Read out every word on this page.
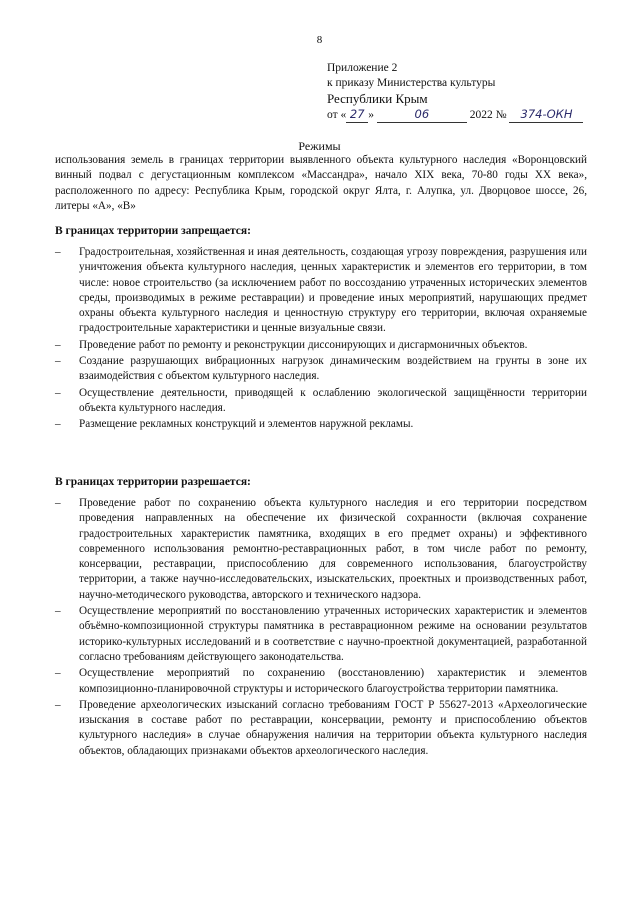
8
Приложение 2
к приказу Министерства культуры
Республики Крым
от « 27 »	06	2022 № 374-ОКН
Режимы
использования земель в границах территории выявленного объекта культурного наследия «Воронцовский винный подвал с дегустационным комплексом «Массандра», начало XIX века, 70-80 годы XX века», расположенного по адресу: Республика Крым, городской округ Ялта, г. Алупка, ул. Дворцовое шоссе, 26, литеры «А», «В»
В границах территории запрещается:
– Градостроительная, хозяйственная и иная деятельность, создающая угрозу повреждения, разрушения или уничтожения объекта культурного наследия, ценных характеристик и элементов его территории, в том числе: новое строительство (за исключением работ по воссозданию утраченных исторических элементов среды, производимых в режиме реставрации) и проведение иных мероприятий, нарушающих предмет охраны объекта культурного наследия и ценностную структуру его территории, включая охраняемые градостроительные характеристики и ценные визуальные связи.
– Проведение работ по ремонту и реконструкции диссонирующих и дисгармоничных объектов.
– Создание разрушающих вибрационных нагрузок динамическим воздействием на грунты в зоне их взаимодействия с объектом культурного наследия.
– Осуществление деятельности, приводящей к ослаблению экологической защищённости территории объекта культурного наследия.
– Размещение рекламных конструкций и элементов наружной рекламы.
В границах территории разрешается:
– Проведение работ по сохранению объекта культурного наследия и его территории посредством проведения направленных на обеспечение их физической сохранности (включая сохранение градостроительных характеристик памятника, входящих в его предмет охраны) и эффективного современного использования ремонтно-реставрационных работ, в том числе работ по ремонту, консервации, реставрации, приспособлению для современного использования, благоустройству территории, а также научно-исследовательских, изыскательских, проектных и производственных работ, научно-методического руководства, авторского и технического надзора.
– Осуществление мероприятий по восстановлению утраченных исторических характеристик и элементов объёмно-композиционной структуры памятника в реставрационном режиме на основании результатов историко-культурных исследований и в соответствие с научно-проектной документацией, разработанной согласно требованиям действующего законодательства.
– Осуществление мероприятий по сохранению (восстановлению) характеристик и элементов композиционно-планировочной структуры и исторического благоустройства территории памятника.
– Проведение археологических изысканий согласно требованиям ГОСТ Р 55627-2013 «Археологические изыскания в составе работ по реставрации, консервации, ремонту и приспособлению объектов культурного наследия» в случае обнаружения наличия на территории объекта культурного наследия объектов, обладающих признаками объектов археологического наследия.
